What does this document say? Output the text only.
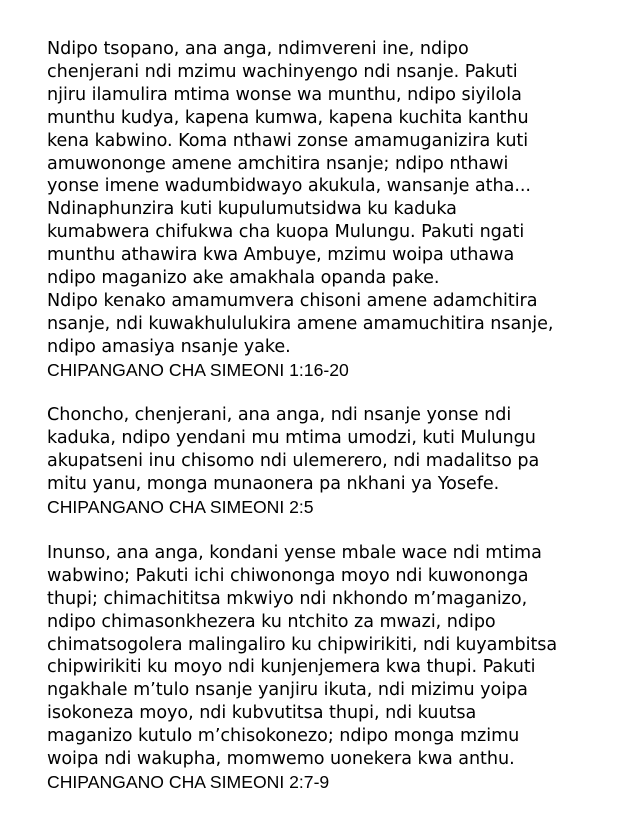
Ndipo tsopano, ana anga, ndimvereni ine, ndipo
chenjerani ndi mzimu wachinyengo ndi nsanje. Pakuti
njiru ilamulira mtima wonse wa munthu, ndipo siyilola
munthu kudya, kapena kumwa, kapena kuchita kanthu
kena kabwino. Koma nthawi zonse amamuganizira kuti
amuwononge amene amchitira nsanje; ndipo nthawi
yonse imene wadumbidwayo akukula, wansanje atha...
Ndinaphunzira kuti kupulumutsidwa ku kaduka
kumabwera chifukwa cha kuopa Mulungu. Pakuti ngati
munthu athawira kwa Ambuye, mzimu woipa uthawa
ndipo maganizo ake amakhala opanda pake.
Ndipo kenako amamumvera chisoni amene adamchitira
nsanje, ndi kuwakhululukira amene amamuchitira nsanje,
ndipo amasiya nsanje yake.

CHIPANGANO CHA SIMEONI 1:16-20

Choncho, chenjerani, ana anga, ndi nsanje yonse ndi
kaduka, ndipo yendani mu mtima umodzi, kuti Mulungu
akupatseni inu chisomo ndi ulemerero, ndi madalitso pa
mitu yanu, monga munaonera pa nkhani ya Yosefe.

CHIPANGANO CHA SIMEONI 2:5

Inunso, ana anga, kondani yense mbale wace ndi mtima
wabwino; Pakuti ichi chiwononga moyo ndi kuwononga
thupi; chimachititsa mkwiyo ndi nkhondo m’maganizo,
ndipo chimasonkhezera ku ntchito za mwazi, ndipo
chimatsogolera malingaliro ku chipwirikiti, ndi kuyambitsa
chipwirikiti ku moyo ndi kunjenjemera kwa thupi. Pakuti
ngakhale m’tulo nsanje yanjiru ikuta, ndi mizimu yoipa
isokoneza moyo, ndi kubvutitsa thupi, ndi kuutsa
maganizo kutulo m’chisokonezo; ndipo monga mzimu
woipa ndi wakupha, momwemo uonekera kwa anthu.

CHIPANGANO CHA SIMEONI 2:7-9
